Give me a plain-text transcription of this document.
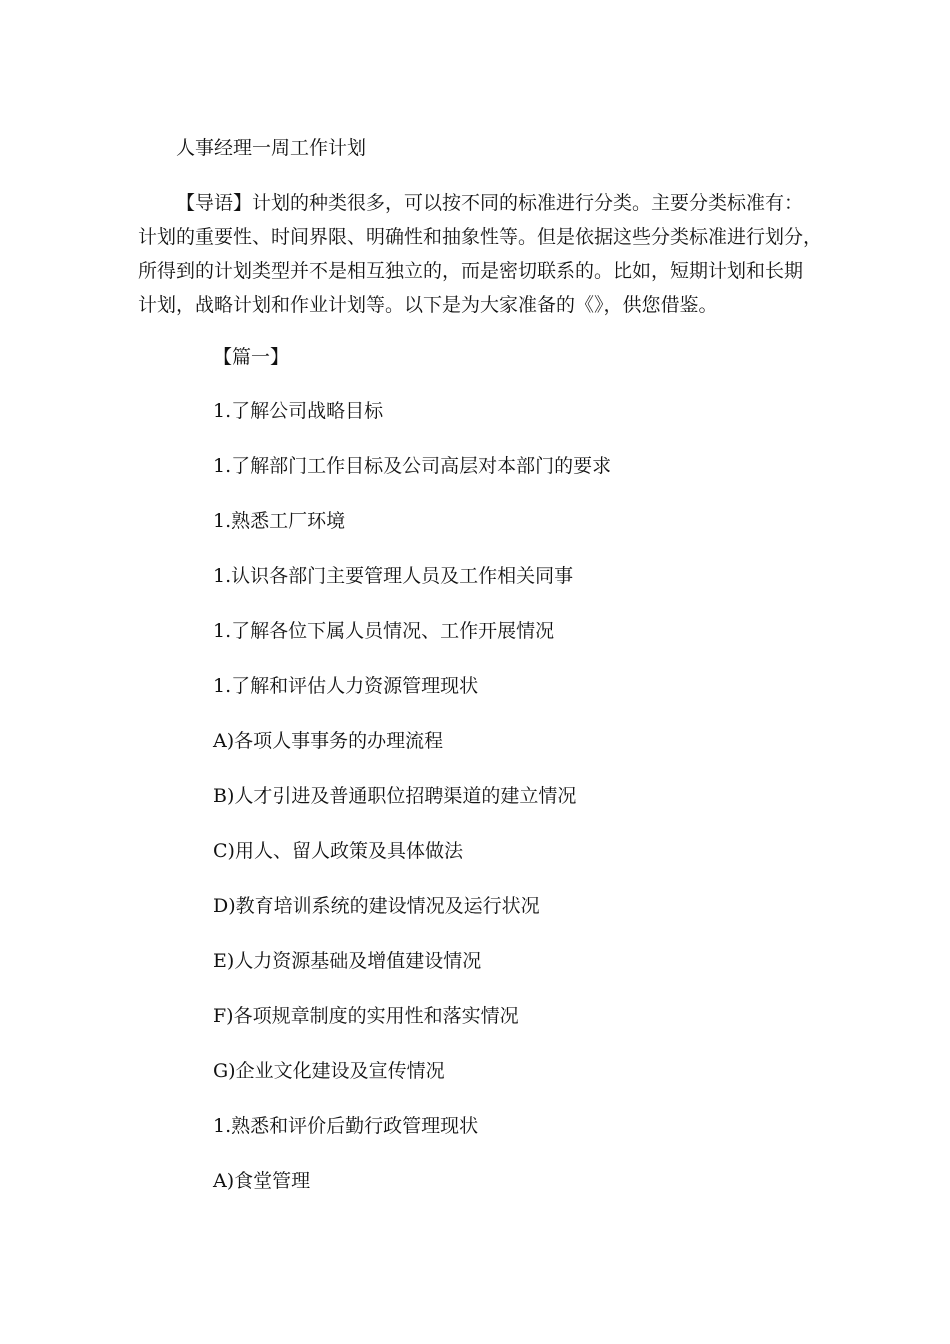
人事经理一周工作计划
【导语】计划的种类很多，可以按不同的标准进行分类。主要分类标准有：
计划的重要性、时间界限、明确性和抽象性等。但是依据这些分类标准进行划分，
所得到的计划类型并不是相互独立的，而是密切联系的。比如，短期计划和长期
计划，战略计划和作业计划等。以下是为大家准备的《》，供您借鉴。
【篇一】
1.了解公司战略目标
1.了解部门工作目标及公司高层对本部门的要求
1.熟悉工厂环境
1.认识各部门主要管理人员及工作相关同事
1.了解各位下属人员情况、工作开展情况
1.了解和评估人力资源管理现状
A)各项人事事务的办理流程
B)人才引进及普通职位招聘渠道的建立情况
C)用人、留人政策及具体做法
D)教育培训系统的建设情况及运行状况
E)人力资源基础及增值建设情况
F)各项规章制度的实用性和落实情况
G)企业文化建设及宣传情况
1.熟悉和评价后勤行政管理现状
A)食堂管理
